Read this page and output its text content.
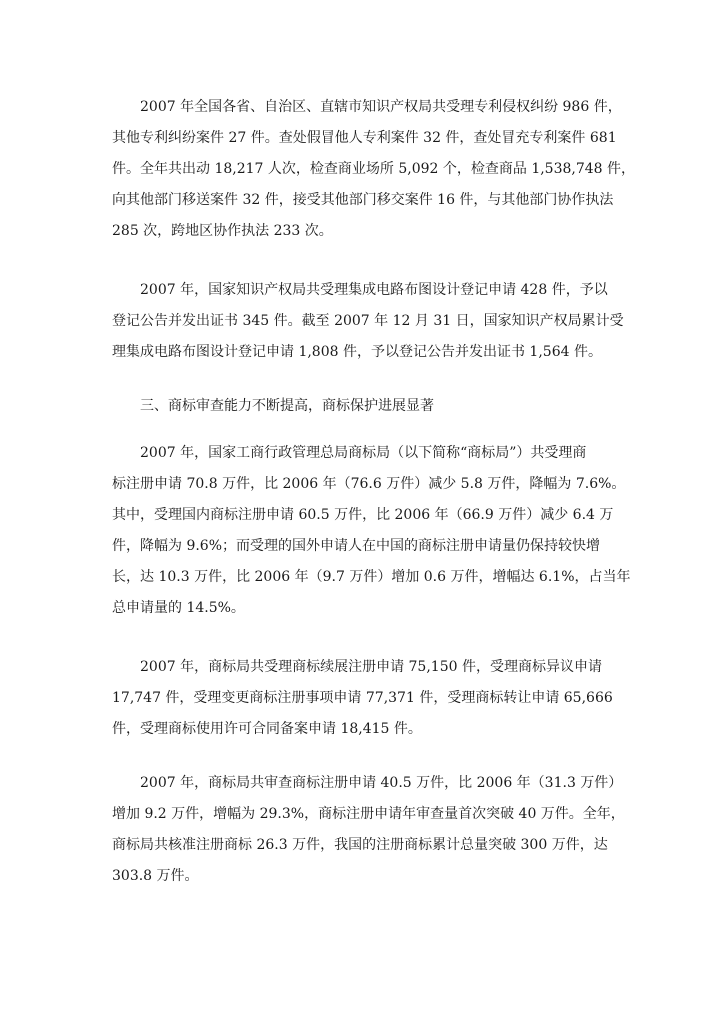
2007 年全国各省、自治区、直辖市知识产权局共受理专利侵权纠纷 986 件，
其他专利纠纷案件 27 件。查处假冒他人专利案件 32 件，查处冒充专利案件 681
件。全年共出动 18,217 人次，检查商业场所 5,092 个，检查商品 1,538,748 件，
向其他部门移送案件 32 件，接受其他部门移交案件 16 件，与其他部门协作执法
285 次，跨地区协作执法 233 次。
2007 年，国家知识产权局共受理集成电路布图设计登记申请 428 件，予以
登记公告并发出证书 345 件。截至 2007 年 12 月 31 日，国家知识产权局累计受
理集成电路布图设计登记申请 1,808 件，予以登记公告并发出证书 1,564 件。
三、商标审查能力不断提高，商标保护进展显著
2007 年，国家工商行政管理总局商标局（以下简称“商标局”）共受理商
标注册申请 70.8 万件，比 2006 年（76.6 万件）减少 5.8 万件，降幅为 7.6%。
其中，受理国内商标注册申请 60.5 万件，比 2006 年（66.9 万件）减少 6.4 万
件，降幅为 9.6%；而受理的国外申请人在中国的商标注册申请量仍保持较快增
长，达 10.3 万件，比 2006 年（9.7 万件）增加 0.6 万件，增幅达 6.1%，占当年
总申请量的 14.5%。
2007 年，商标局共受理商标续展注册申请 75,150 件，受理商标异议申请
17,747 件，受理变更商标注册事项申请 77,371 件，受理商标转让申请 65,666
件，受理商标使用许可合同备案申请 18,415 件。
2007 年，商标局共审查商标注册申请 40.5 万件，比 2006 年（31.3 万件）
增加 9.2 万件，增幅为 29.3%，商标注册申请年审查量首次突破 40 万件。全年，
商标局共核准注册商标 26.3 万件，我国的注册商标累计总量突破 300 万件，达
303.8 万件。
